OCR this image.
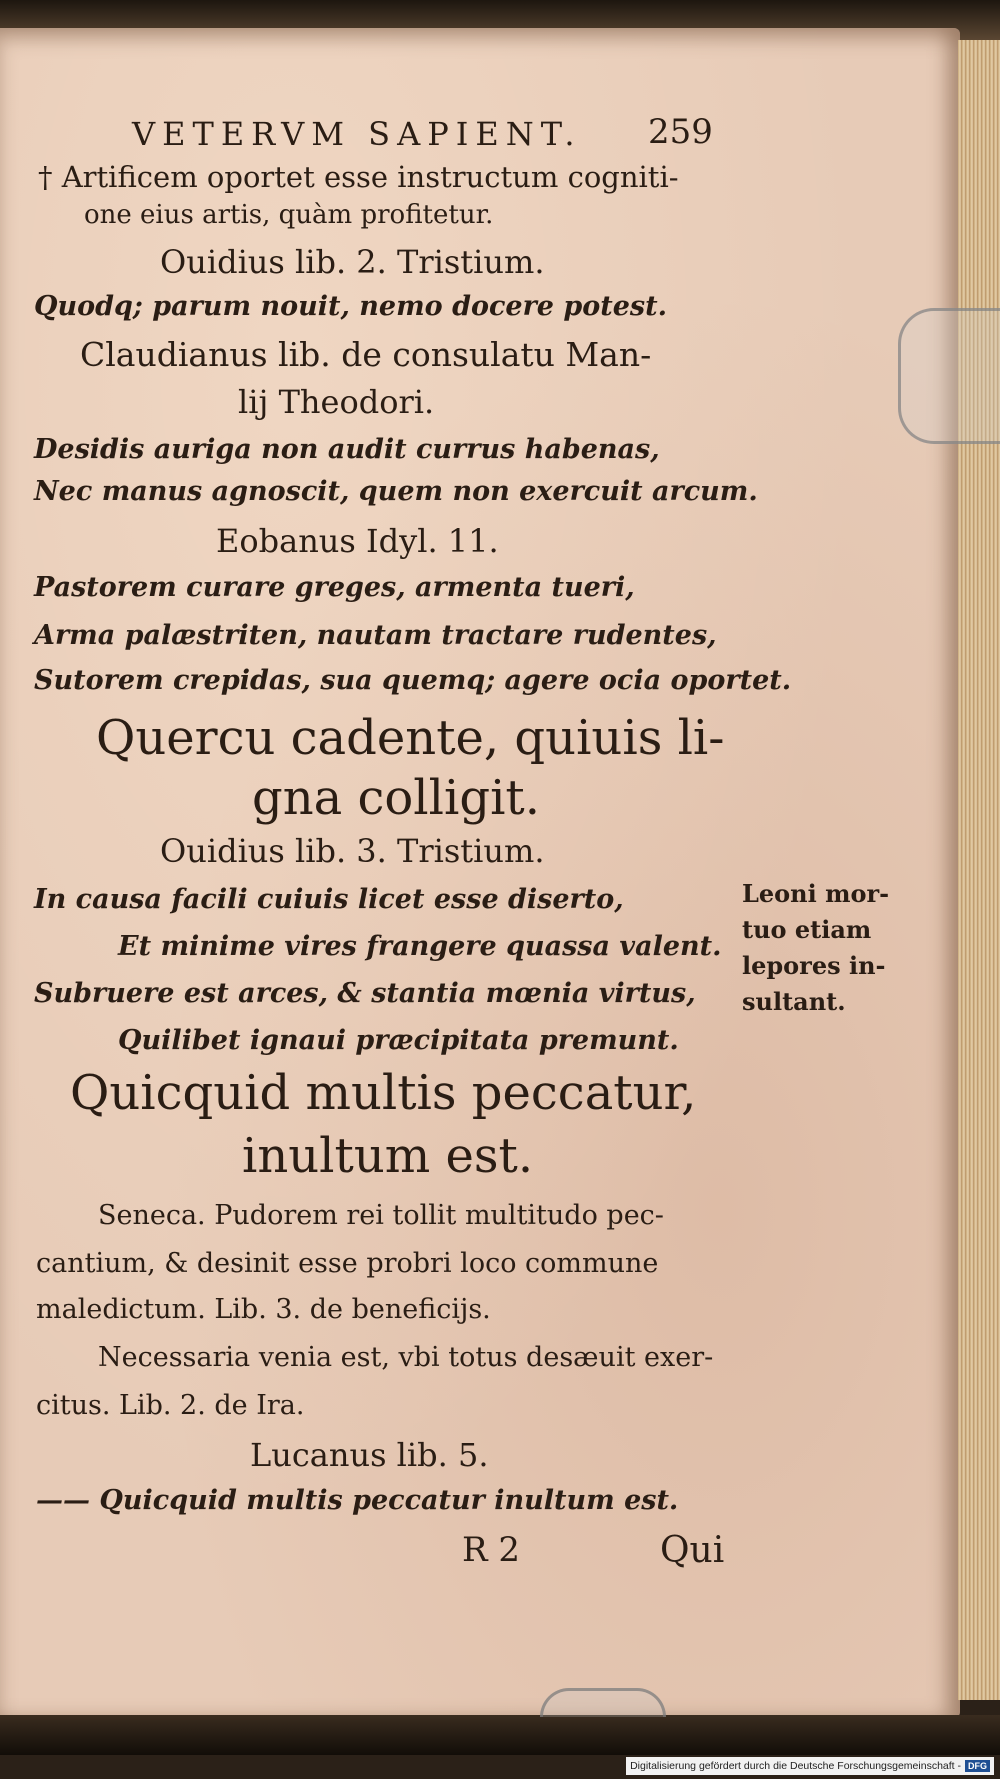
VETERVM SAPIENT. 259
† Artificem oportet esse instructum cogniti-
one eius artis, quàm profitetur.
Ouidius lib. 2. Tristium.
Quodq; parum nouit, nemo docere potest.
Claudianus lib. de consulatu Man-
lij Theodori.
Desidis auriga non audit currus habenas,
Nec manus agnoscit, quem non exercuit arcum.
Eobanus Idyl. 11.
Pastorem curare greges, armenta tueri,
Arma palæstriten, nautam tractare rudentes,
Sutorem crepidas, sua quemq; agere ocia oportet.
Quercu cadente, quiuis li-
gna colligit.
Ouidius lib. 3. Tristium.
In causa facili cuiuis licet esse diserto,
Et minime vires frangere quassa valent.
Subruere est arces, & stantia mœnia virtus,
Quilibet ignaui præcipitata premunt.
Quicquid multis peccatur,
inultum est.
Seneca. Pudorem rei tollit multitudo pec-
cantium, & desinit esse probri loco commune
maledictum. Lib. 3. de beneficijs.
Necessaria venia est, vbi totus desæuit exer-
citus. Lib. 2. de Ira.
Lucanus lib. 5.
—— Quicquid multis peccatur inultum est.
Leoni mor-
tuo etiam
lepores in-
sultant.
R 2	Qui
Digitalisierung gefördert durch die Deutsche Forschungsgemeinschaft - DFG
